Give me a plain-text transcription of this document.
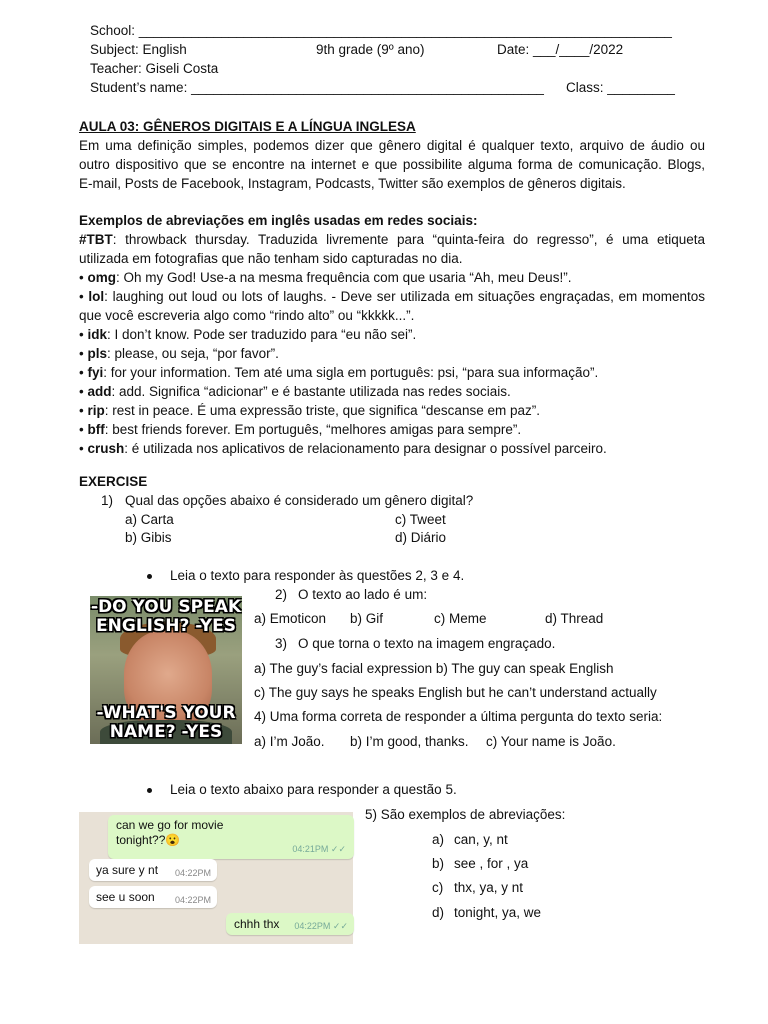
School: _______________________________________________________________________
Subject: English	9th grade (9º ano)	Date: ___/____/2022
Teacher: Giseli Costa
Student’s name: _______________________________________________ Class: _________
AULA 03: GÊNEROS DIGITAIS E A LÍNGUA INGLESA
Em uma definição simples, podemos dizer que gênero digital é qualquer texto, arquivo de áudio ou
outro dispositivo que se encontre na internet e que possibilite alguma forma de comunicação. Blogs,
E-mail, Posts de Facebook, Instagram, Podcasts, Twitter são exemplos de gêneros digitais.
Exemplos de abreviações em inglês usadas em redes sociais:
#TBT: throwback thursday. Traduzida livremente para “quinta-feira do regresso”, é uma etiqueta
utilizada em fotografias que não tenham sido capturadas no dia.
• omg: Oh my God! Use-a na mesma frequência com que usaria “Ah, meu Deus!”.
• lol: laughing out loud ou lots of laughs. - Deve ser utilizada em situações engraçadas, em momentos
que você escreveria algo como “rindo alto” ou “kkkkk...”.
• idk: I don’t know. Pode ser traduzido para “eu não sei”.
• pls: please, ou seja, “por favor”.
• fyi: for your information. Tem até uma sigla em português: psi, “para sua informação”.
• add: add. Significa “adicionar” e é bastante utilizada nas redes sociais.
• rip: rest in peace. É uma expressão triste, que significa “descanse em paz”.
• bff: best friends forever. Em português, “melhores amigas para sempre”.
• crush: é utilizada nos aplicativos de relacionamento para designar o possível parceiro.
EXERCISE
1) Qual das opções abaixo é considerado um gênero digital?
a) Carta	c) Tweet
b) Gibis	d) Diário
Leia o texto para responder às questões 2, 3 e 4.
-DO YOU SPEAK
ENGLISH? -YES
-WHAT'S YOUR
NAME? -YES
2) O texto ao lado é um:
a) Emoticon b) Gif	c) Meme	d) Thread
3) O que torna o texto na imagem engraçado.
a) The guy’s facial expression b) The guy can speak English
c) The guy says he speaks English but he can’t understand actually
4) Uma forma correta de responder a última pergunta do texto seria:
a) I’m João. b) I’m good, thanks. c) Your name is João.
Leia o texto abaixo para responder a questão 5.
can we go for movie
tonight??😮
04:21PM ✓✓
ya sure y nt 04:22PM
see u soon 04:22PM
chhh thx 04:22PM ✓✓
5) São exemplos de abreviações:
a) can, y, nt
b) see , for , ya
c) thx, ya, y nt
d) tonight, ya, we
